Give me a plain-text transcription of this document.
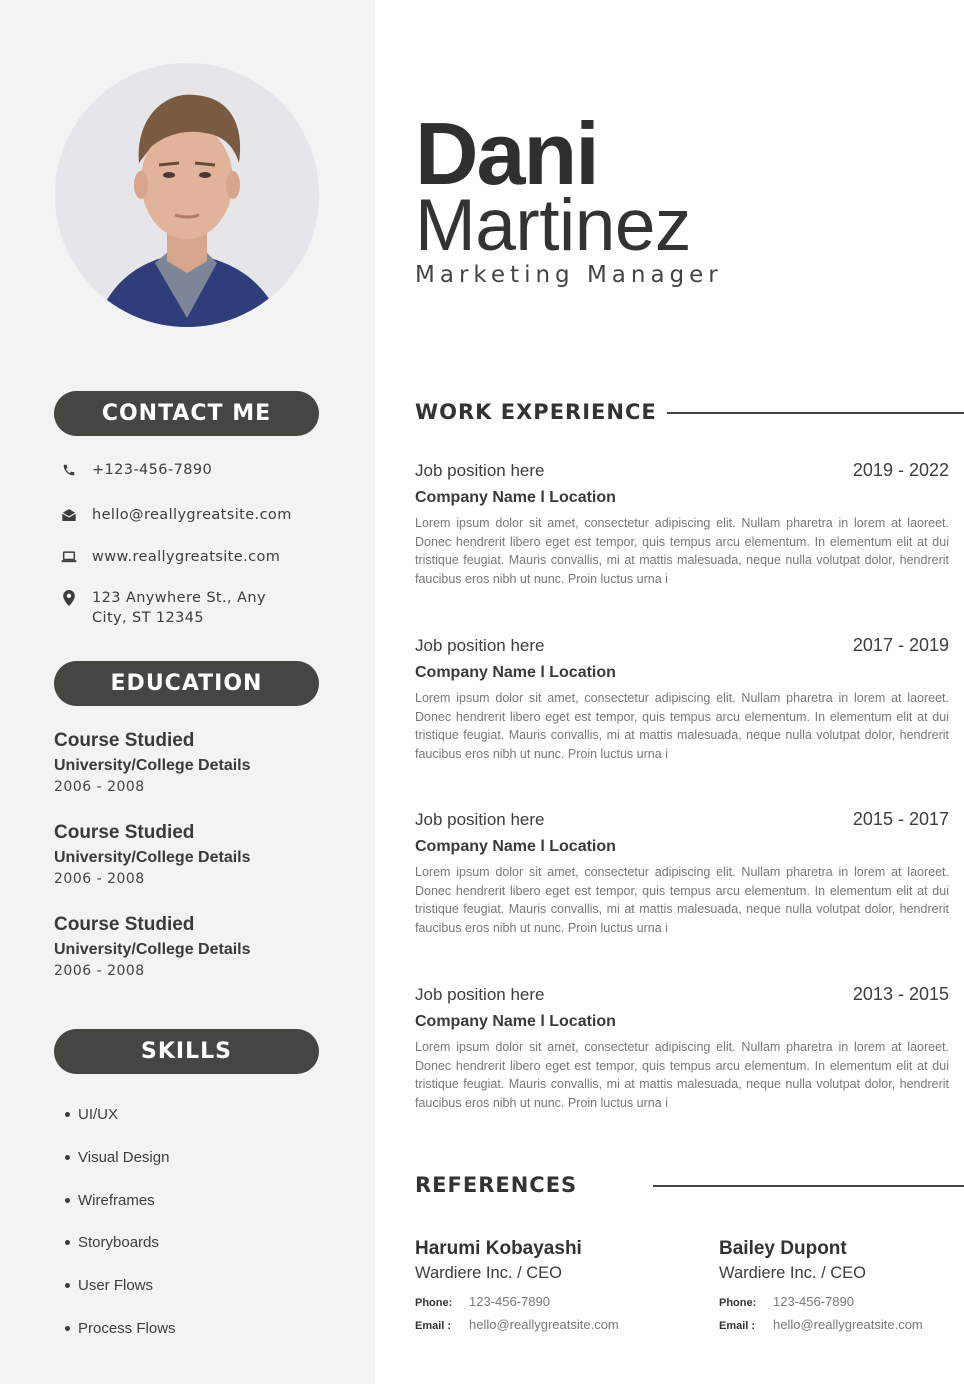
CONTACT ME
+123-456-7890
hello@reallygreatsite.com
www.reallygreatsite.com
123 Anywhere St., Any City, ST 12345
EDUCATION
Course Studied
University/College Details
2006 - 2008
Course Studied
University/College Details
2006 - 2008
Course Studied
University/College Details
2006 - 2008
SKILLS
UI/UX
Visual Design
Wireframes
Storyboards
User Flows
Process Flows
Dani
Martinez
Marketing Manager
WORK EXPERIENCE
Job position here	2019 - 2022
Company Name l Location
Lorem ipsum dolor sit amet, consectetur adipiscing elit. Nullam pharetra in lorem at laoreet. Donec hendrerit libero eget est tempor, quis tempus arcu elementum. In elementum elit at dui tristique feugiat. Mauris convallis, mi at mattis malesuada, neque nulla volutpat dolor, hendrerit faucibus eros nibh ut nunc. Proin luctus urna i
Job position here	2017 - 2019
Company Name l Location
Lorem ipsum dolor sit amet, consectetur adipiscing elit. Nullam pharetra in lorem at laoreet. Donec hendrerit libero eget est tempor, quis tempus arcu elementum. In elementum elit at dui tristique feugiat. Mauris convallis, mi at mattis malesuada, neque nulla volutpat dolor, hendrerit faucibus eros nibh ut nunc. Proin luctus urna i
Job position here	2015 - 2017
Company Name l Location
Lorem ipsum dolor sit amet, consectetur adipiscing elit. Nullam pharetra in lorem at laoreet. Donec hendrerit libero eget est tempor, quis tempus arcu elementum. In elementum elit at dui tristique feugiat. Mauris convallis, mi at mattis malesuada, neque nulla volutpat dolor, hendrerit faucibus eros nibh ut nunc. Proin luctus urna i
Job position here	2013 - 2015
Company Name l Location
Lorem ipsum dolor sit amet, consectetur adipiscing elit. Nullam pharetra in lorem at laoreet. Donec hendrerit libero eget est tempor, quis tempus arcu elementum. In elementum elit at dui tristique feugiat. Mauris convallis, mi at mattis malesuada, neque nulla volutpat dolor, hendrerit faucibus eros nibh ut nunc. Proin luctus urna i
REFERENCES
Harumi Kobayashi
Wardiere Inc. / CEO
Phone:	123-456-7890
Email :	hello@reallygreatsite.com
Bailey Dupont
Wardiere Inc. / CEO
Phone:	123-456-7890
Email :	hello@reallygreatsite.com
